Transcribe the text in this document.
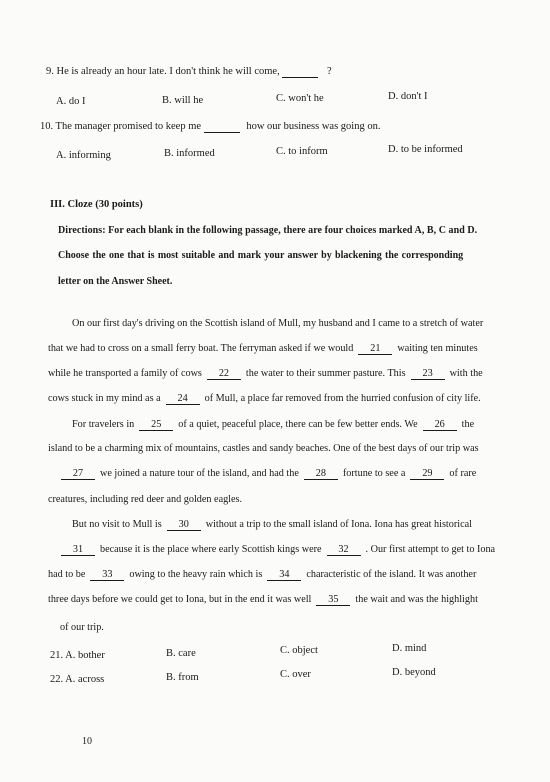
9. He is already an hour late. I don't think he will come,	?
A. do I	B. will he	C. won't he	D. don't I
10. The manager promised to keep me	how our business was going on.
A. informing	B. informed	C. to inform	D. to be informed
III. Cloze (30 points)
Directions: For each blank in the following passage, there are four choices marked A, B, C and D.
Choose the one that is most suitable and mark your answer by blackening the corresponding
letter on the Answer Sheet.
On our first day's driving on the Scottish island of Mull, my husband and I came to a stretch of water
that we had to cross on a small ferry boat. The ferryman asked if we would 21 waiting ten minutes
while he transported a family of cows 22 the water to their summer pasture. This 23 with the
cows stuck in my mind as a 24 of Mull, a place far removed from the hurried confusion of city life.
For travelers in 25 of a quiet, peaceful place, there can be few better ends. We 26 the
island to be a charming mix of mountains, castles and sandy beaches. One of the best days of our trip was
27 we joined a nature tour of the island, and had the 28 fortune to see a 29 of rare
creatures, including red deer and golden eagles.
But no visit to Mull is 30 without a trip to the small island of Iona. Iona has great historical
31 because it is the place where early Scottish kings were 32 . Our first attempt to get to Iona
had to be 33 owing to the heavy rain which is 34 characteristic of the island. It was another
three days before we could get to Iona, but in the end it was well 35 the wait and was the highlight
of our trip.
21. A. bother	B. care	C. object	D. mind
22. A. across	B. from	C. over	D. beyond
10
